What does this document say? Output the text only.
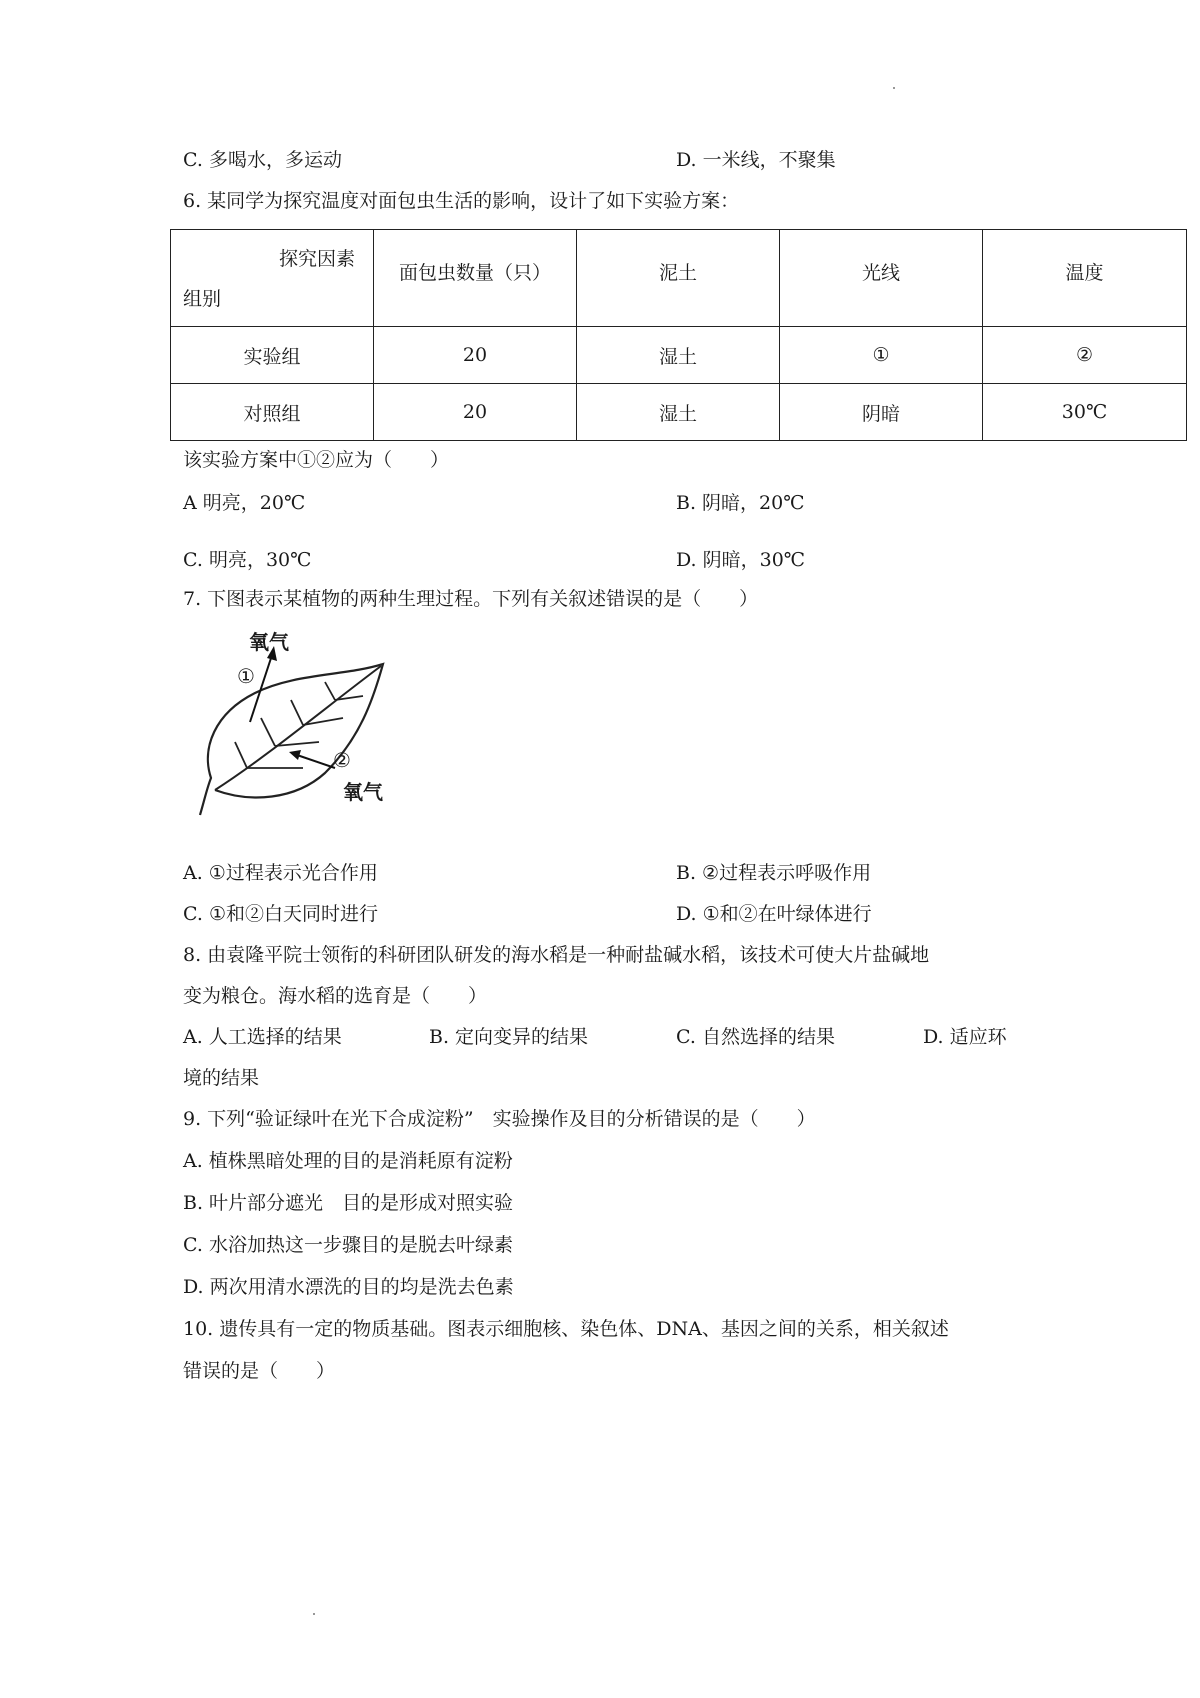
C. 多喝水，多运动	D. 一米线，不聚集
6. 某同学为探究温度对面包虫生活的影响，设计了如下实验方案：
探究因素
组别	面包虫数量（只）	泥土	光线	温度

实验组	20	湿土	①	②
对照组	20	湿土	阴暗	30℃
该实验方案中①②应为（　　）
A 明亮，20℃	B. 阴暗，20℃
C. 明亮，30℃	D. 阴暗，30℃
7. 下图表示某植物的两种生理过程。下列有关叙述错误的是（　　）
氧气
①
②
氧气
A. ①过程表示光合作用	B. ②过程表示呼吸作用
C. ①和②白天同时进行	D. ①和②在叶绿体进行
8. 由袁隆平院士领衔的科研团队研发的海水稻是一种耐盐碱水稻，该技术可使大片盐碱地
变为粮仓。海水稻的选育是（　　）
A. 人工选择的结果	B. 定向变异的结果	C. 自然选择的结果	D. 适应环
境的结果
9. 下列“验证绿叶在光下合成淀粉”　实验操作及目的分析错误的是（　　）
A. 植株黑暗处理的目的是消耗原有淀粉
B. 叶片部分遮光　目的是形成对照实验
C. 水浴加热这一步骤目的是脱去叶绿素
D. 两次用清水漂洗的目的均是洗去色素
10. 遗传具有一定的物质基础。图表示细胞核、染色体、DNA、基因之间的关系，相关叙述
错误的是（　　）
